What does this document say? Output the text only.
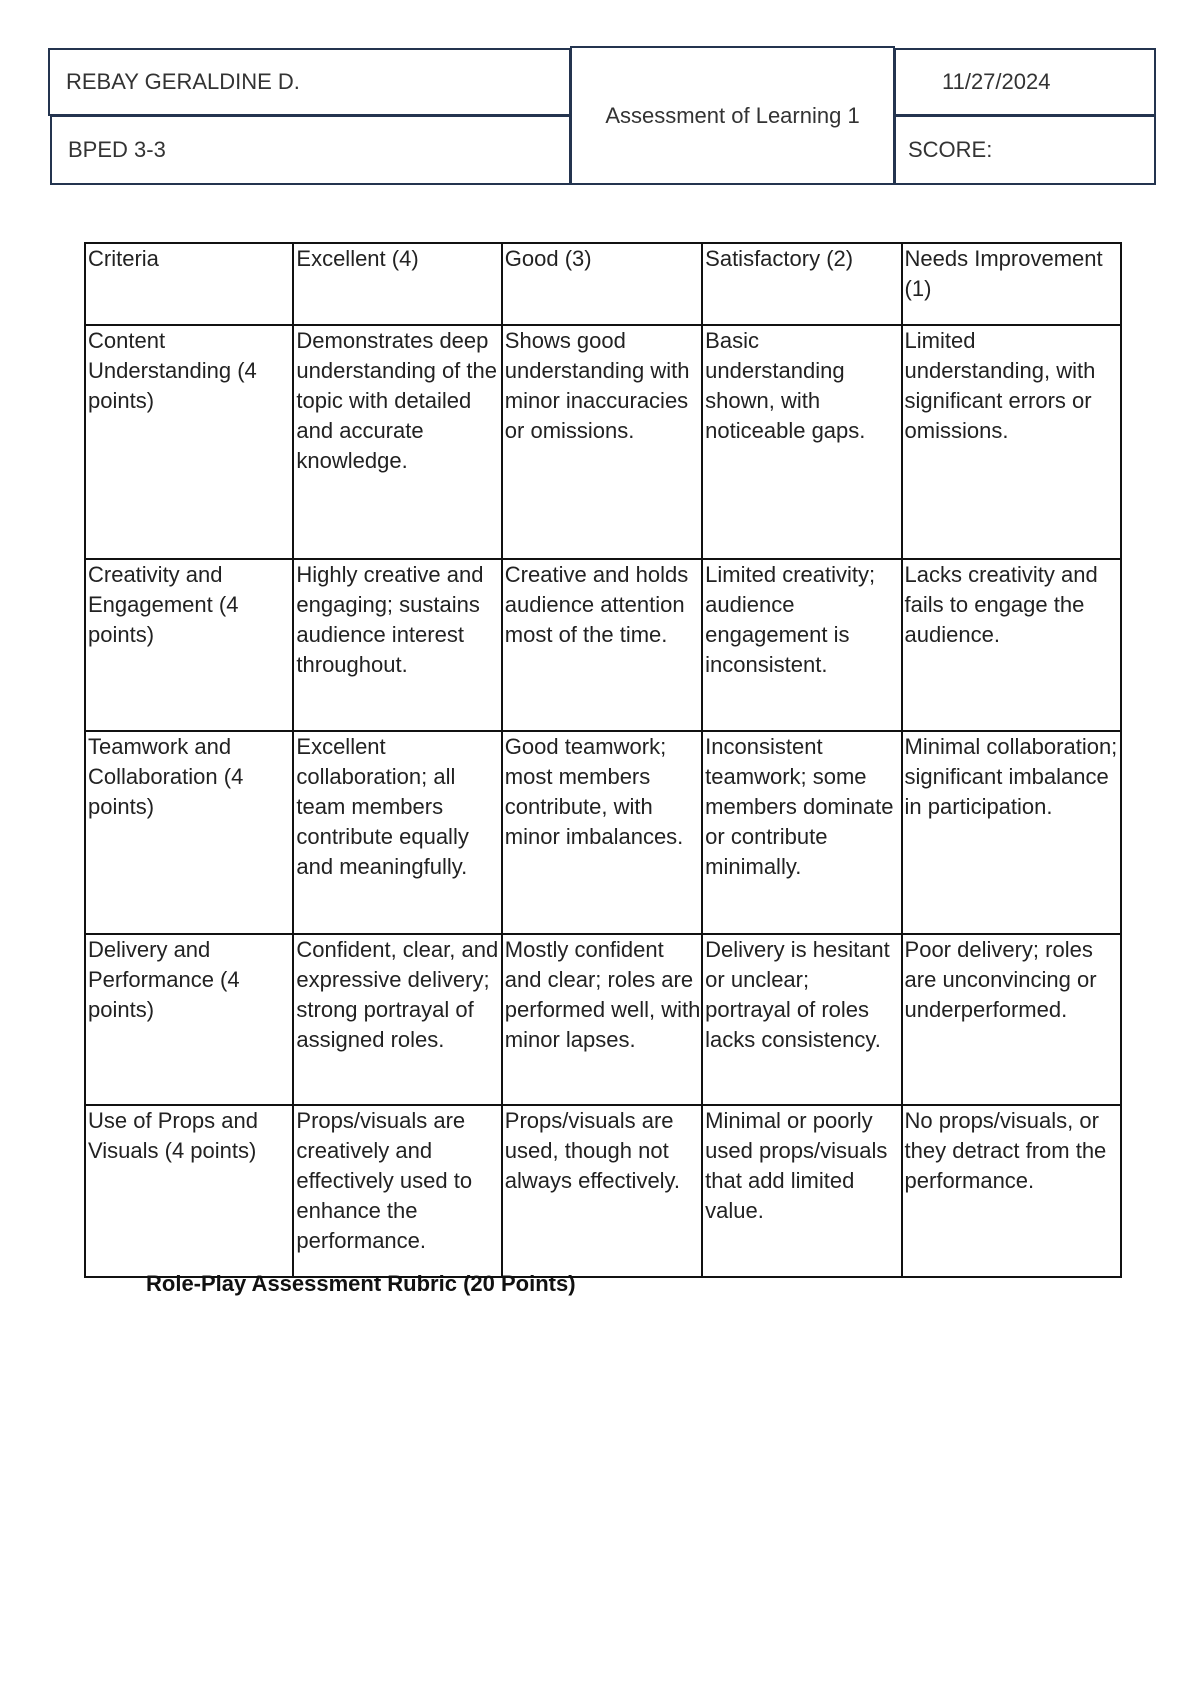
REBAY GERALDINE D.
BPED 3-3
Assessment of Learning 1
11/27/2024
SCORE:
Criteria	Excellent (4)	Good (3)	Satisfactory (2)	Needs Improvement (1)
Content Understanding (4 points)	Demonstrates deep understanding of the topic with detailed and accurate knowledge.	Shows good understanding with minor inaccuracies or omissions.	Basic understanding shown, with noticeable gaps.	Limited understanding, with significant errors or omissions.
Creativity and Engagement (4 points)	Highly creative and engaging; sustains audience interest throughout.	Creative and holds audience attention most of the time.	Limited creativity; audience engagement is inconsistent.	Lacks creativity and fails to engage the audience.
Teamwork and Collaboration (4 points)	Excellent collaboration; all team members contribute equally and meaningfully.	Good teamwork; most members contribute, with minor imbalances.	Inconsistent teamwork; some members dominate or contribute minimally.	Minimal collaboration; significant imbalance in participation.
Delivery and Performance (4 points)	Confident, clear, and expressive delivery; strong portrayal of assigned roles.	Mostly confident and clear; roles are performed well, with minor lapses.	Delivery is hesitant or unclear; portrayal of roles lacks consistency.	Poor delivery; roles are unconvincing or underperformed.
Use of Props and Visuals (4 points)	Props/visuals are creatively and effectively used to enhance the performance.	Props/visuals are used, though not always effectively.	Minimal or poorly used props/visuals that add limited value.	No props/visuals, or they detract from the performance.
Role-Play Assessment Rubric (20 Points)
